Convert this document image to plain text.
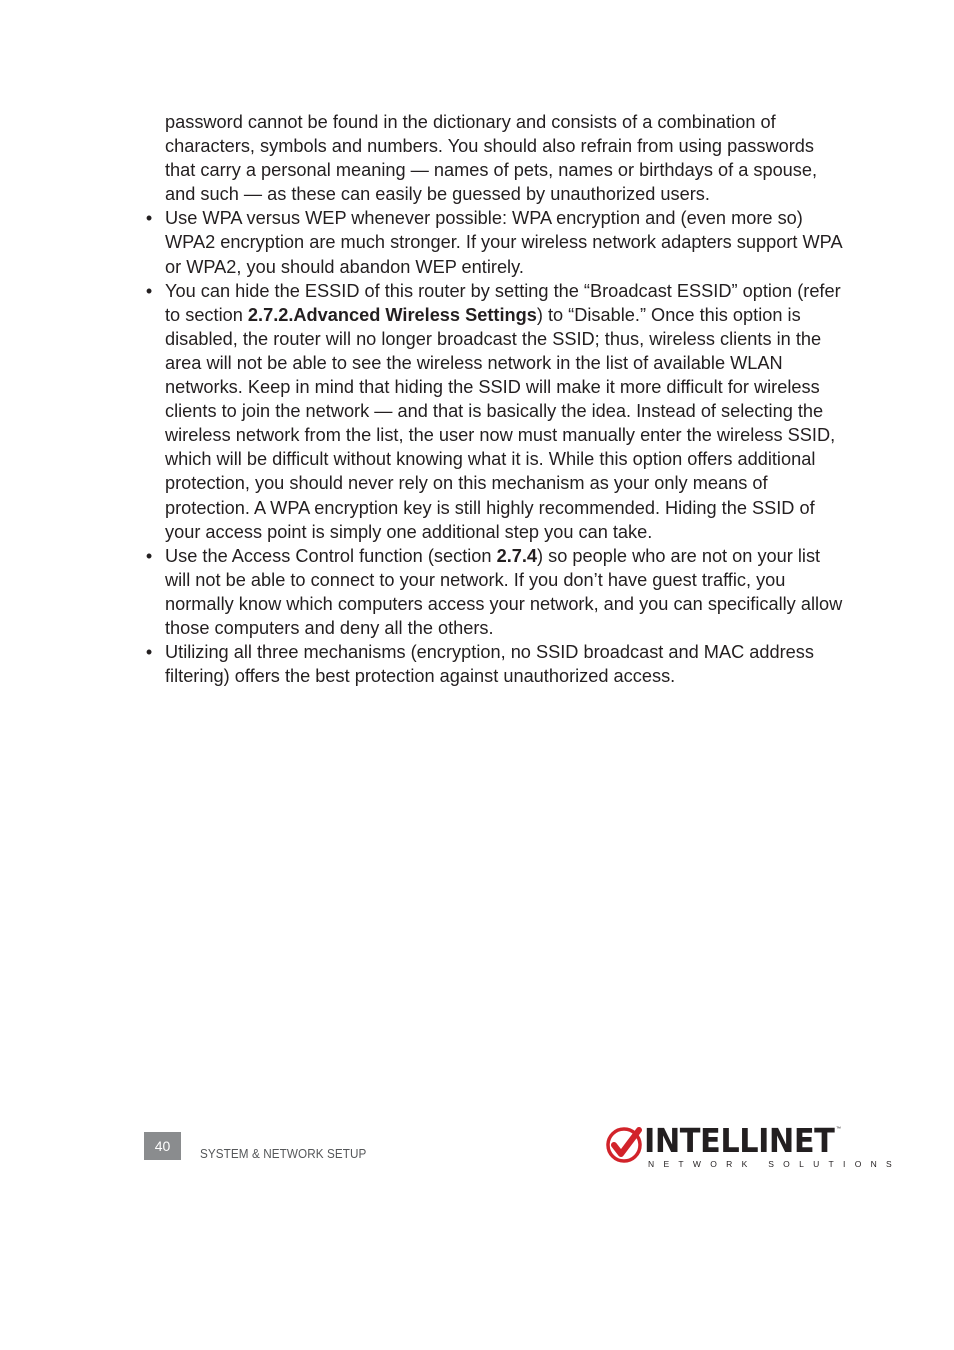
password cannot be found in the dictionary and consists of a combination of characters, symbols and numbers. You should also refrain from using passwords that carry a personal meaning — names of pets, names or birthdays of a spouse, and such — as these can easily be guessed by unauthorized users.

• Use WPA versus WEP whenever possible: WPA encryption and (even more so) WPA2 encryption are much stronger. If your wireless network adapters support WPA or WPA2, you should abandon WEP entirely.
• You can hide the ESSID of this router by setting the “Broadcast ESSID” option (refer to section 2.7.2.Advanced Wireless Settings) to “Disable.” Once this option is disabled, the router will no longer broadcast the SSID; thus, wireless clients in the area will not be able to see the wireless network in the list of available WLAN networks. Keep in mind that hiding the SSID will make it more difficult for wireless clients to join the network — and that is basically the idea. Instead of selecting the wireless network from the list, the user now must manually enter the wireless SSID, which will be difficult without knowing what it is. While this option offers additional protection, you should never rely on this mechanism as your only means of protection. A WPA encryption key is still highly recommended. Hiding the SSID of your access point is simply one additional step you can take.
• Use the Access Control function (section 2.7.4) so people who are not on your list will not be able to connect to your network. If you don’t have guest traffic, you normally know which computers access your network, and you can specifically allow those computers and deny all the others.
• Utilizing all three mechanisms (encryption, no SSID broadcast and MAC address filtering) offers the best protection against unauthorized access.
40	SYSTEM & NETWORK SETUP	INTELLINET ™
NETWORK SOLUTIONS
